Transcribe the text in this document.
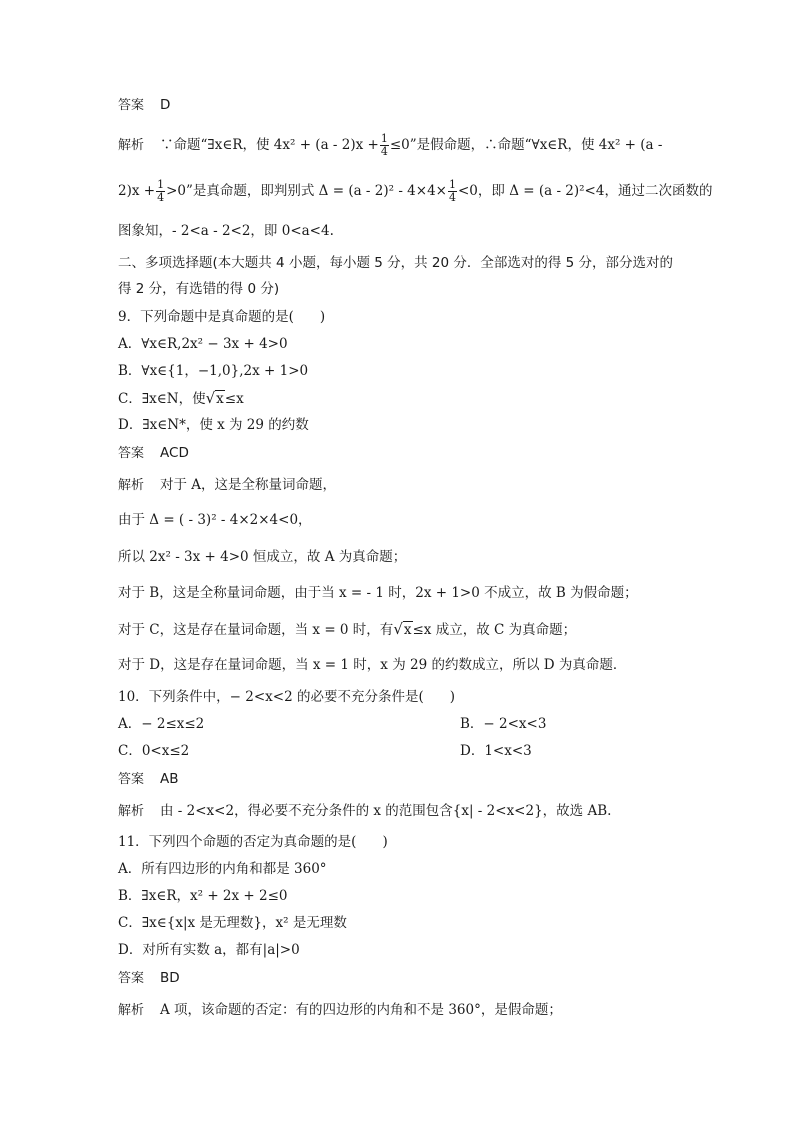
答案 D
解析 ∵命题“∃x∈R，使 $4x^2 + (a - 2)x + \frac{1}{4} \le 0$”是假命题，∴命题“∀x∈R，使 4x² + (a -
$2)x + \frac{1}{4} >0$”是真命题，即判别式 $\Delta = (a - 2)^2 - 4\times 4\times \frac{1}{4} <0$，即 Δ = (a - 2)²<4，通过二次函数的
图象知，- 2<a - 2<2，即 0<a<4.
二、多项选择题(本大题共 4 小题，每小题 5 分，共 20 分．全部选对的得 5 分，部分选对的
得 2 分，有选错的得 0 分)
9．下列命题中是真命题的是( )
A．∀x∈R,2x² − 3x + 4>0
B．∀x∈{1，−1,0},2x + 1>0
C．∃x∈N，使√x≤x
D．∃x∈N*，使 x 为 29 的约数
答案 ACD
解析 对于 A，这是全称量词命题，
由于 Δ = ( - 3)² - 4×2×4<0，
所以 2x² - 3x + 4>0 恒成立，故 A 为真命题；
对于 B，这是全称量词命题，由于当 x = - 1 时，2x + 1>0 不成立，故 B 为假命题；
对于 C，这是存在量词命题，当 x = 0 时，有√x≤x 成立，故 C 为真命题；
对于 D，这是存在量词命题，当 x = 1 时，x 为 29 的约数成立，所以 D 为真命题．
10．下列条件中，− 2<x<2 的必要不充分条件是( )
A．− 2≤x≤2	B．− 2<x<3
C．0<x≤2	D．1<x<3
答案 AB
解析 由 - 2<x<2，得必要不充分条件的 x 的范围包含{x| - 2<x<2}，故选 AB.
11．下列四个命题的否定为真命题的是( )
A．所有四边形的内角和都是 360°
B．∃x∈R，x² + 2x + 2≤0
C．∃x∈{x|x 是无理数}，x² 是无理数
D．对所有实数 a，都有|a|>0
答案 BD
解析 A 项，该命题的否定：有的四边形的内角和不是 360°，是假命题；
